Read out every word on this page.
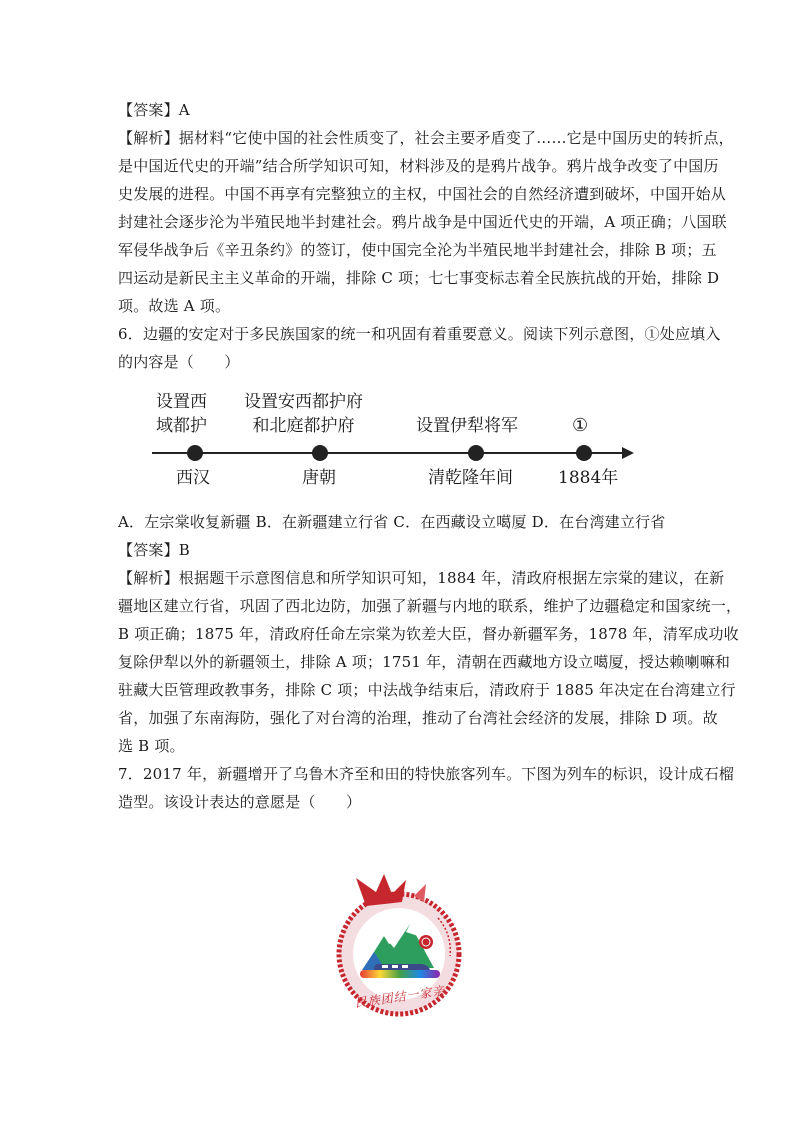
【答案】A
【解析】据材料“它使中国的社会性质变了，社会主要矛盾变了……它是中国历史的转折点，
是中国近代史的开端”结合所学知识可知，材料涉及的是鸦片战争。鸦片战争改变了中国历
史发展的进程。中国不再享有完整独立的主权，中国社会的自然经济遭到破坏，中国开始从
封建社会逐步沦为半殖民地半封建社会。鸦片战争是中国近代史的开端，A 项正确；八国联
军侵华战争后《辛丑条约》的签订，使中国完全沦为半殖民地半封建社会，排除 B 项；五
四运动是新民主主义革命的开端，排除 C 项；七七事变标志着全民族抗战的开始，排除 D
项。故选 A 项。
6．边疆的安定对于多民族国家的统一和巩固有着重要意义。阅读下列示意图，①处应填入
的内容是（　　）
设置西
域都护
设置安西都护府
和北庭都护府	设置伊犁将军	①
西汉	唐朝	清乾隆年间	1884年
A．左宗棠收复新疆 B．在新疆建立行省 C．在西藏设立噶厦 D．在台湾建立行省
【答案】B
【解析】根据题干示意图信息和所学知识可知，1884 年，清政府根据左宗棠的建议，在新
疆地区建立行省，巩固了西北边防，加强了新疆与内地的联系，维护了边疆稳定和国家统一，
B 项正确；1875 年，清政府任命左宗棠为钦差大臣，督办新疆军务，1878 年，清军成功收
复除伊犁以外的新疆领土，排除 A 项；1751 年，清朝在西藏地方设立噶厦，授达赖喇嘛和
驻藏大臣管理政教事务，排除 C 项；中法战争结束后，清政府于 1885 年决定在台湾建立行
省，加强了东南海防，强化了对台湾的治理，推动了台湾社会经济的发展，排除 D 项。故
选 B 项。
7．2017 年，新疆增开了乌鲁木齐至和田的特快旅客列车。下图为列车的标识，设计成石榴
造型。该设计表达的意愿是（　　）
民族团结一家亲
